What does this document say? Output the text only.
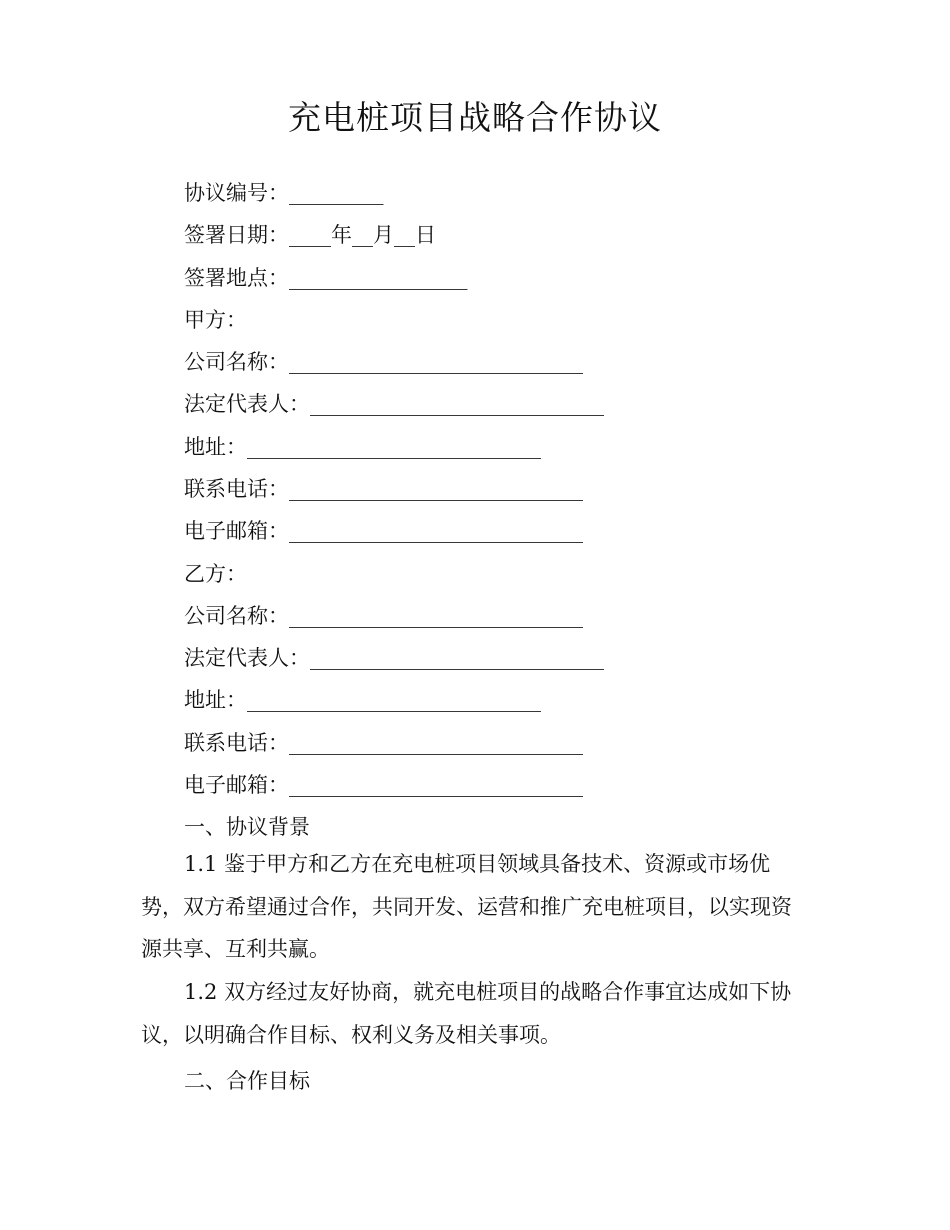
充电桩项目战略合作协议
协议编号：_________
签署日期：____年__月__日
签署地点：_________________
甲方：
公司名称：____________________________
法定代表人：____________________________
地址：____________________________
联系电话：____________________________
电子邮箱：____________________________
乙方：
公司名称：____________________________
法定代表人：____________________________
地址：____________________________
联系电话：____________________________
电子邮箱：____________________________
一、协议背景
1.1 鉴于甲方和乙方在充电桩项目领域具备技术、资源或市场优势，双方希望通过合作，共同开发、运营和推广充电桩项目，以实现资源共享、互利共赢。
1.2 双方经过友好协商，就充电桩项目的战略合作事宜达成如下协议，以明确合作目标、权利义务及相关事项。
二、合作目标
